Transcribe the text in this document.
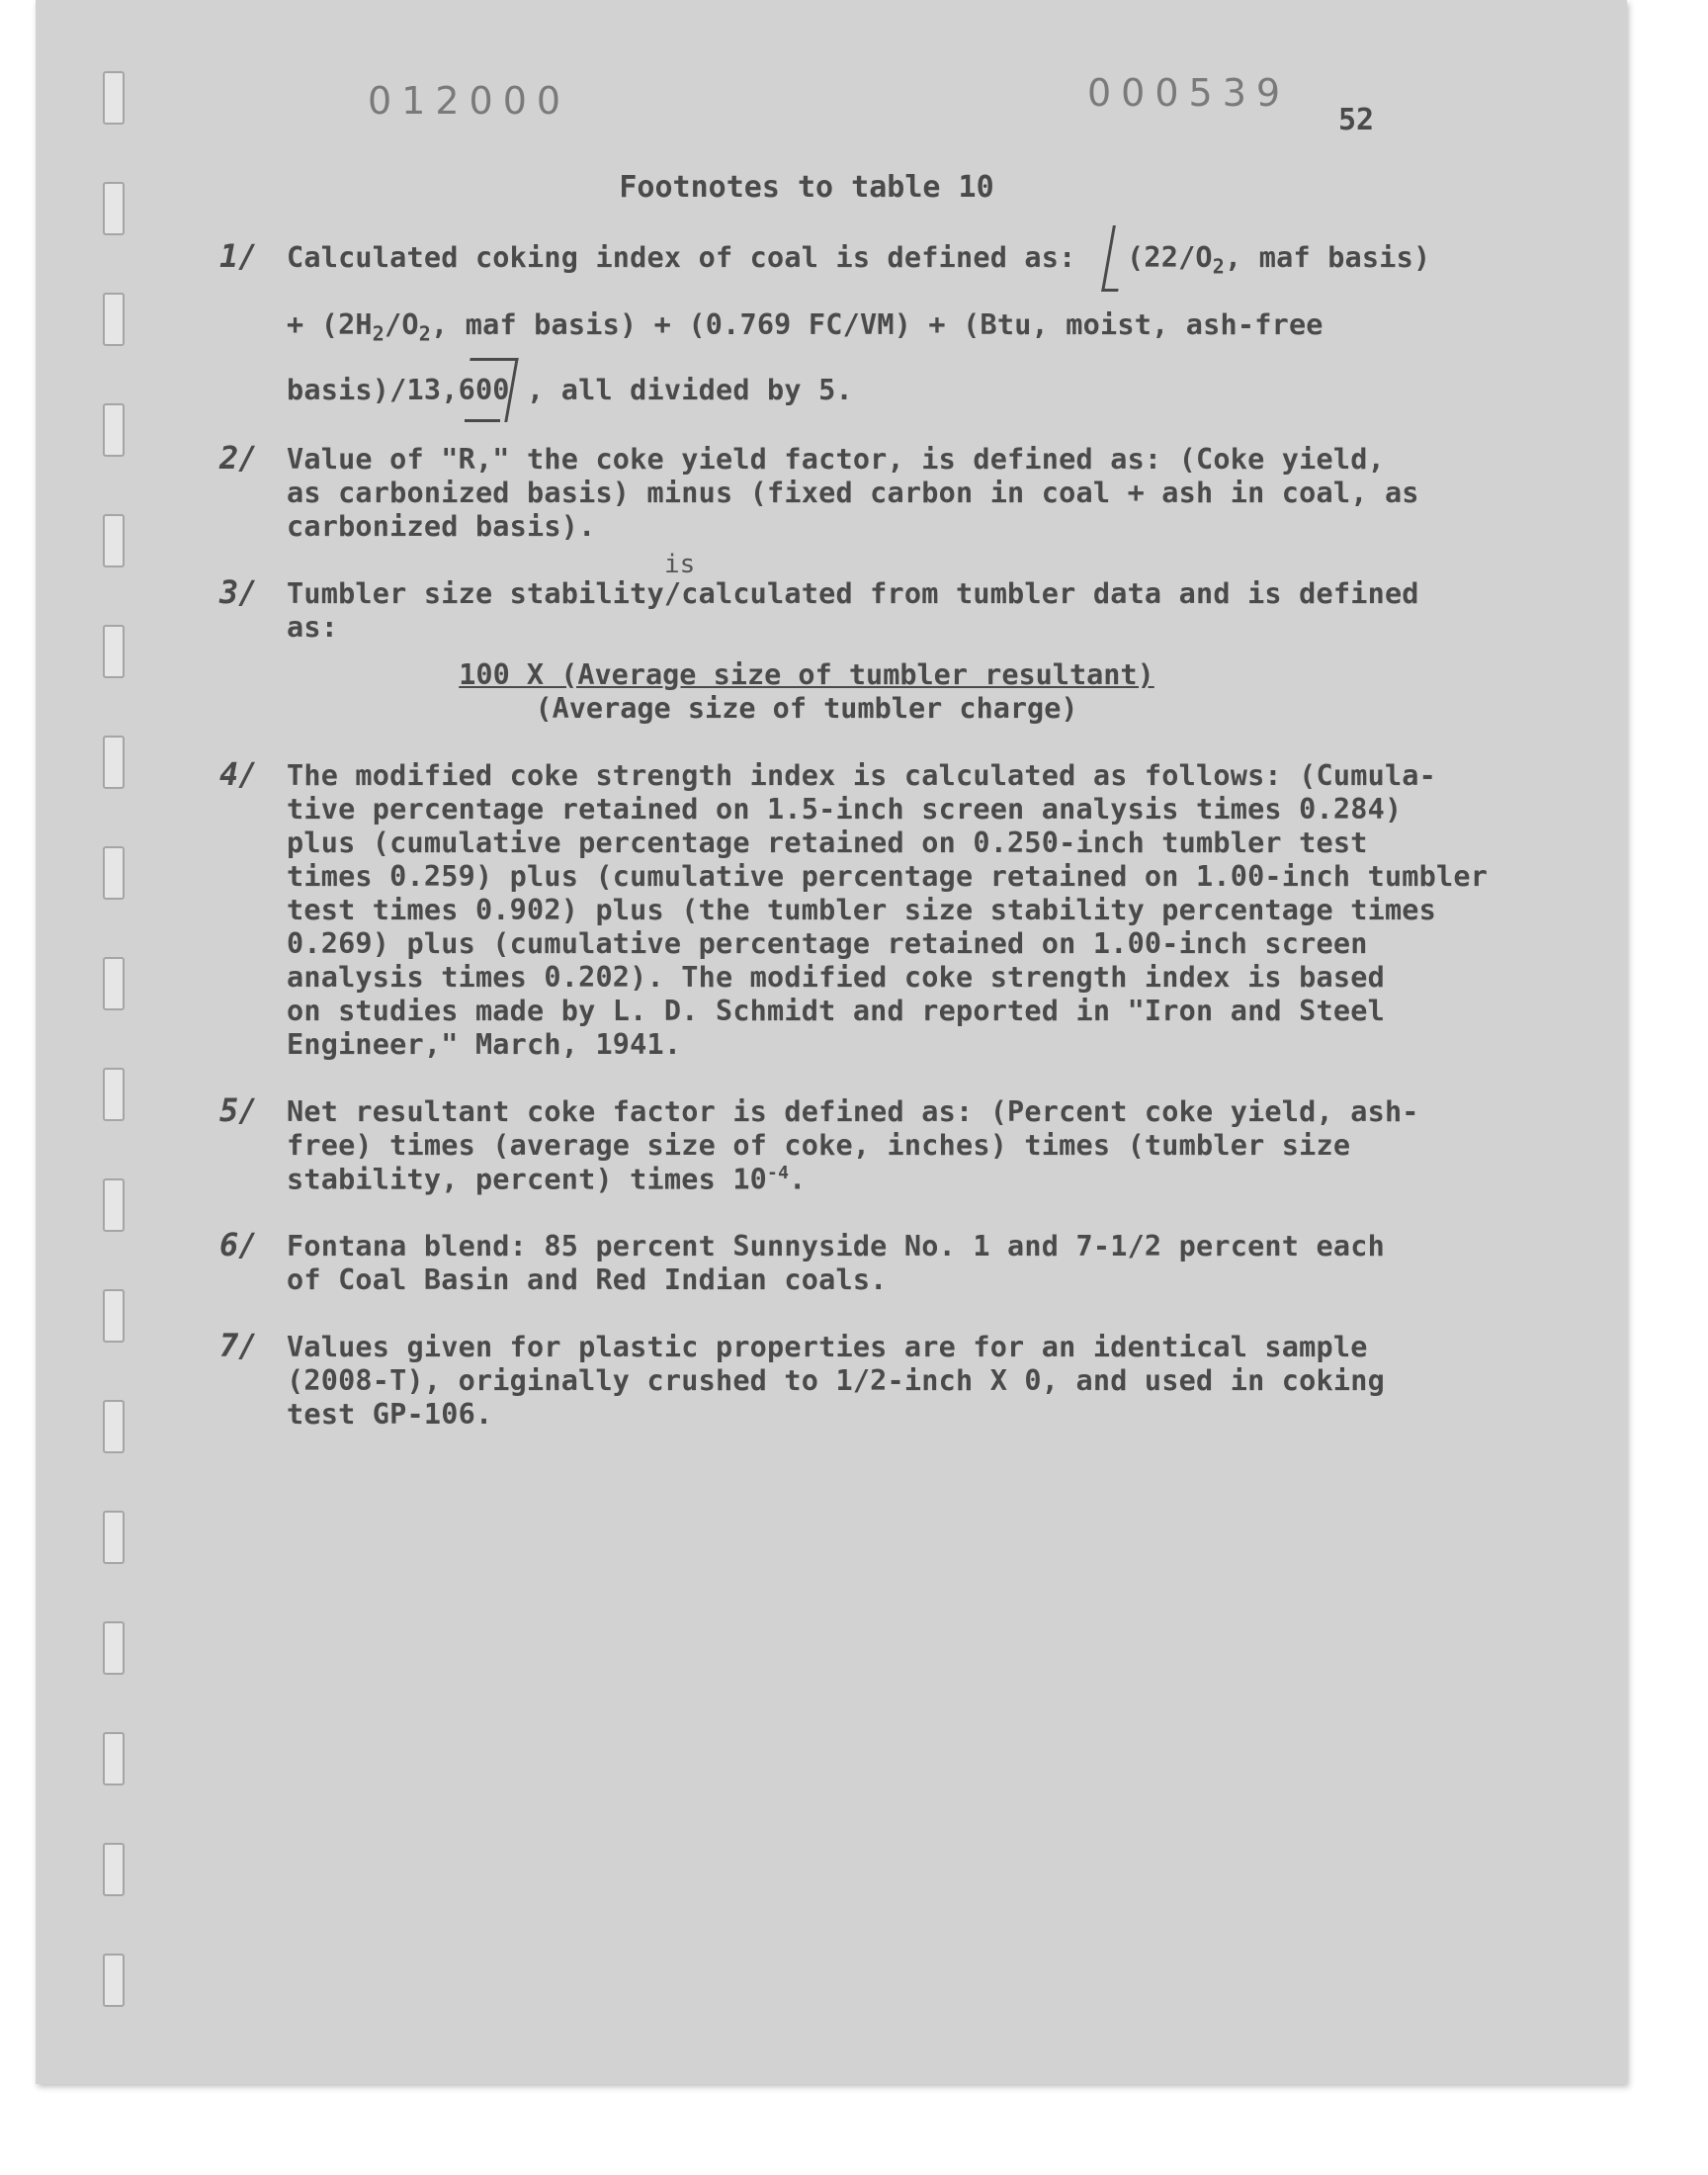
012000	000539
52
Footnotes to table 10
1/ Calculated coking index of coal is defined as: ($22/O_2$, maf basis)
+ ($2H_2/O_2$, maf basis) + (0.769 FC/VM) + (Btu, moist, ash-free
basis)/13,600 , all divided by 5.
2/ Value of "R," the coke yield factor, is defined as: (Coke yield,
as carbonized basis) minus (fixed carbon in coal + ash in coal, as
carbonized basis).
is
3/ Tumbler size stability/calculated from tumbler data and is defined
as:
100 X (Average size of tumbler resultant)
(Average size of tumbler charge)
4/ The modified coke strength index is calculated as follows: (Cumula-
tive percentage retained on 1.5-inch screen analysis times 0.284)
plus (cumulative percentage retained on 0.250-inch tumbler test
times 0.259) plus (cumulative percentage retained on 1.00-inch tumbler
test times 0.902) plus (the tumbler size stability percentage times
0.269) plus (cumulative percentage retained on 1.00-inch screen
analysis times 0.202). The modified coke strength index is based
on studies made by L. D. Schmidt and reported in "Iron and Steel
Engineer," March, 1941.
5/ Net resultant coke factor is defined as: (Percent coke yield, ash-
free) times (average size of coke, inches) times (tumbler size
stability, percent) times $10^{-4}$.
6/ Fontana blend: 85 percent Sunnyside No. 1 and 7-1/2 percent each
of Coal Basin and Red Indian coals.
7/ Values given for plastic properties are for an identical sample
(2008-T), originally crushed to 1/2-inch X 0, and used in coking
test GP-106.
